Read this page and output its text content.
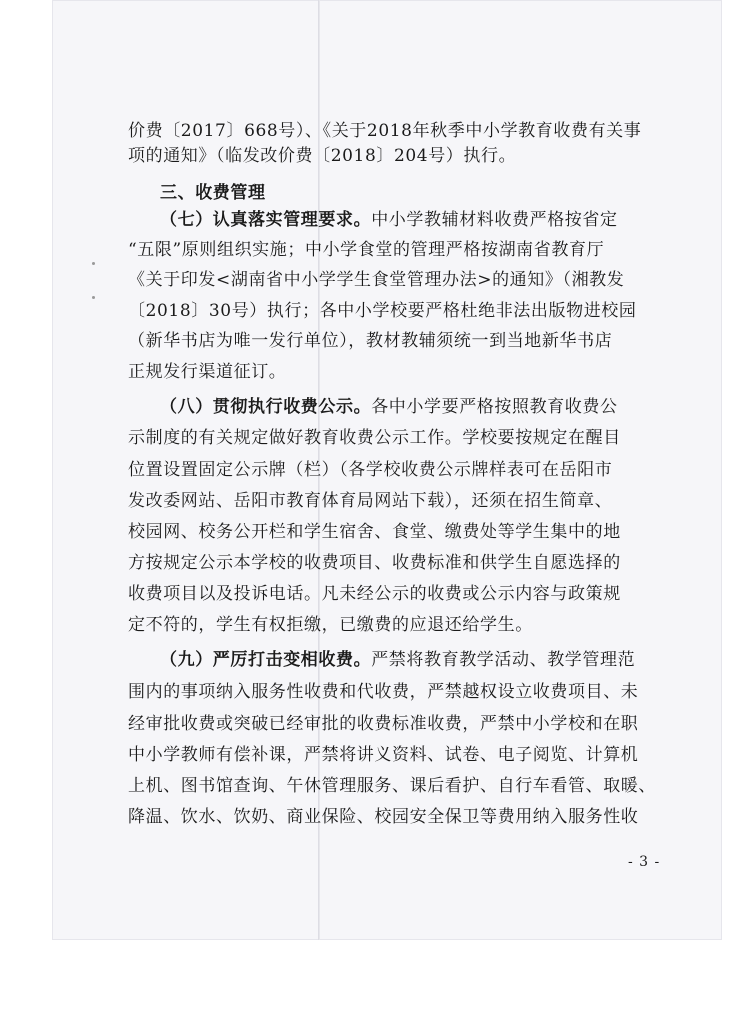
价费〔2017〕668号）、《关于2018年秋季中小学教育收费有关事
项的通知》（临发改价费〔2018〕204号）执行。
三、收费管理
（七）认真落实管理要求。中小学教辅材料收费严格按省定
“五限”原则组织实施；中小学食堂的管理严格按湖南省教育厅
《关于印发<湖南省中小学学生食堂管理办法>的通知》（湘教发
〔2018〕30号）执行；各中小学校要严格杜绝非法出版物进校园
（新华书店为唯一发行单位），教材教辅须统一到当地新华书店
正规发行渠道征订。
（八）贯彻执行收费公示。各中小学要严格按照教育收费公
示制度的有关规定做好教育收费公示工作。学校要按规定在醒目
位置设置固定公示牌（栏）（各学校收费公示牌样表可在岳阳市
发改委网站、岳阳市教育体育局网站下载），还须在招生简章、
校园网、校务公开栏和学生宿舍、食堂、缴费处等学生集中的地
方按规定公示本学校的收费项目、收费标准和供学生自愿选择的
收费项目以及投诉电话。凡未经公示的收费或公示内容与政策规
定不符的，学生有权拒缴，已缴费的应退还给学生。
（九）严厉打击变相收费。严禁将教育教学活动、教学管理范
围内的事项纳入服务性收费和代收费，严禁越权设立收费项目、未
经审批收费或突破已经审批的收费标准收费，严禁中小学校和在职
中小学教师有偿补课，严禁将讲义资料、试卷、电子阅览、计算机
上机、图书馆查询、午休管理服务、课后看护、自行车看管、取暖、
降温、饮水、饮奶、商业保险、校园安全保卫等费用纳入服务性收
- 3 -
